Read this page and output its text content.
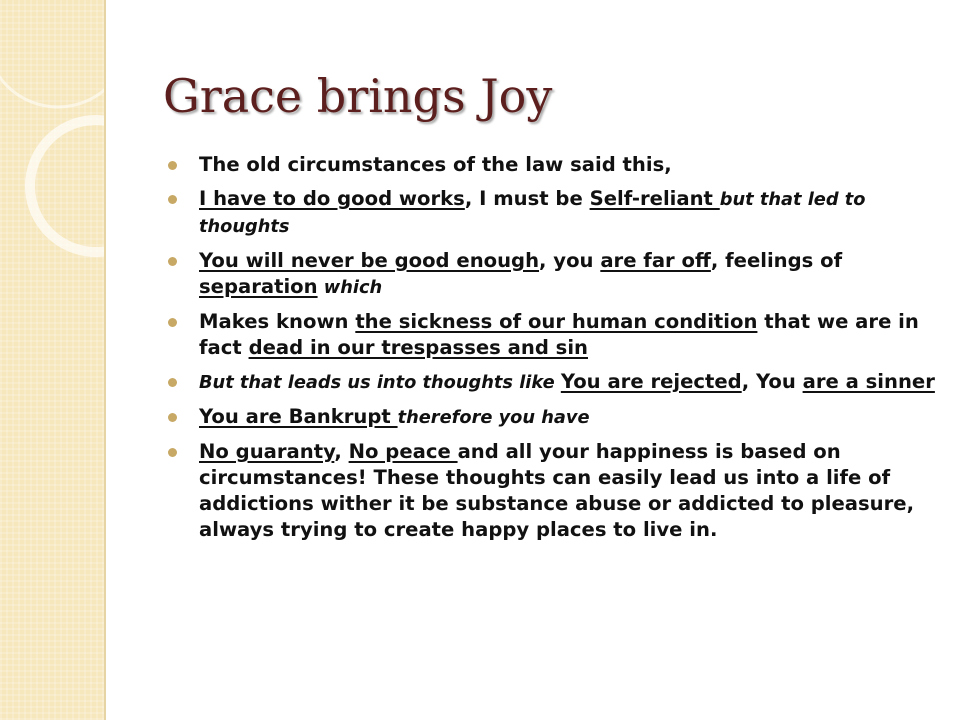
Grace brings Joy
The old circumstances of the law said this,
I have to do good works, I must be Self-reliant but that led to thoughts
You will never be good enough, you are far off, feelings of separation which
Makes known the sickness of our human condition that we are in fact dead in our trespasses and sin
But that leads us into thoughts like You are rejected, You are a sinner
You are Bankrupt therefore you have
No guaranty, No peace and all your happiness is based on circumstances! These thoughts can easily lead us into a life of addictions wither it be substance abuse or addicted to pleasure, always trying to create happy places to live in.
